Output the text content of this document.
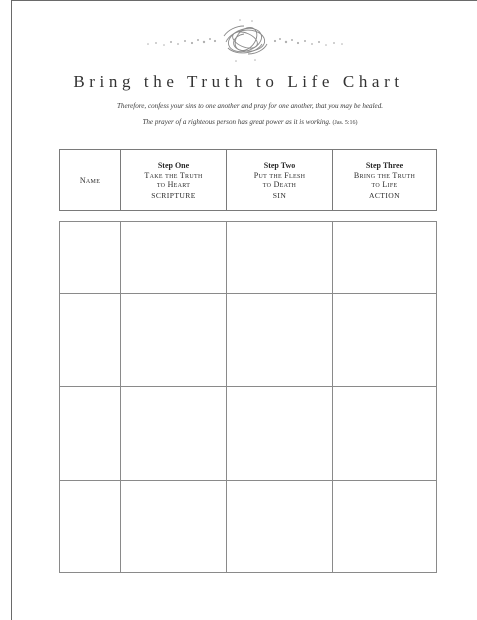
Bring the Truth to Life Chart
Therefore, confess your sins to one another and pray for one another, that you may be healed.
The prayer of a righteous person has great power as it is working. (Jas. 5:16)
Name
Step One
Take the Truth
to Heart
SCRIPTURE
Step Two
Put the Flesh
to Death
SIN
Step Three
Bring the Truth
to Life
ACTION
